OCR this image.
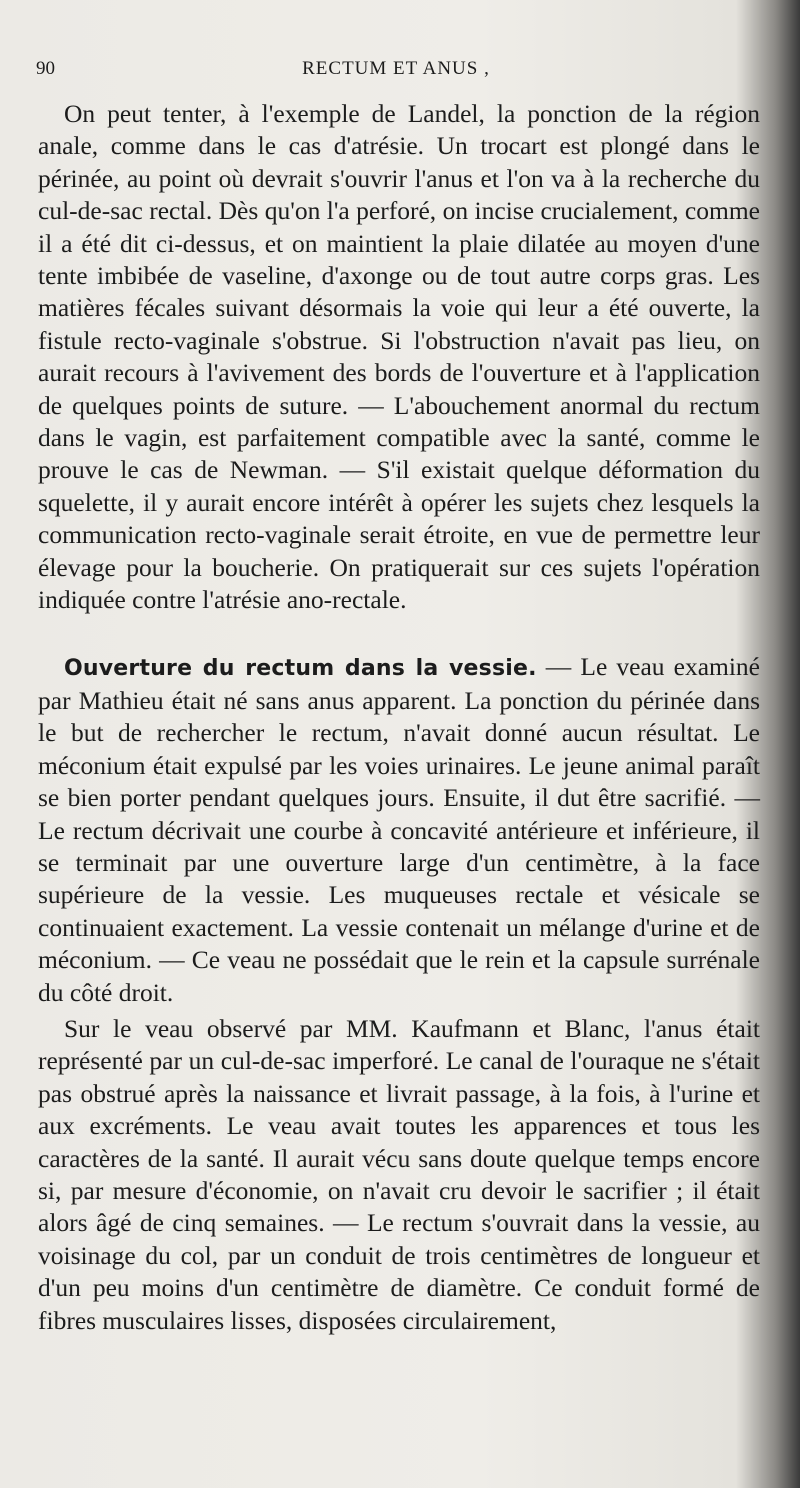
90	RECTUM ET ANUS ,

On peut tenter, à l'exemple de Landel, la ponction de la région anale, comme dans le cas d'atrésie. Un trocart est plongé dans le périnée, au point où devrait s'ouvrir l'anus et l'on va à la recherche du cul-de-sac rectal. Dès qu'on l'a perforé, on incise crucialement, comme il a été dit ci-dessus, et on maintient la plaie dilatée au moyen d'une tente imbibée de vaseline, d'axonge ou de tout autre corps gras. Les matières fécales suivant désormais la voie qui leur a été ouverte, la fistule recto-vaginale s'obstrue. Si l'obstruction n'avait pas lieu, on aurait recours à l'avivement des bords de l'ouverture et à l'application de quelques points de suture. — L'abouchement anormal du rectum dans le vagin, est parfaitement compatible avec la santé, comme le prouve le cas de Newman. — S'il existait quelque déformation du squelette, il y aurait encore intérêt à opérer les sujets chez lesquels la communication recto-vaginale serait étroite, en vue de permettre leur élevage pour la boucherie. On pratiquerait sur ces sujets l'opération indiquée contre l'atrésie ano-rectale.

Ouverture du rectum dans la vessie. — Le veau examiné par Mathieu était né sans anus apparent. La ponction du périnée dans le but de rechercher le rectum, n'avait donné aucun résultat. Le méconium était expulsé par les voies urinaires. Le jeune animal paraît se bien porter pendant quelques jours. Ensuite, il dut être sacrifié. — Le rectum décrivait une courbe à concavité antérieure et inférieure, il se terminait par une ouverture large d'un centimètre, à la face supérieure de la vessie. Les muqueuses rectale et vésicale se continuaient exactement. La vessie contenait un mélange d'urine et de méconium. — Ce veau ne possédait que le rein et la capsule surrénale du côté droit.

Sur le veau observé par MM. Kaufmann et Blanc, l'anus était représenté par un cul-de-sac imperforé. Le canal de l'ouraque ne s'était pas obstrué après la naissance et livrait passage, à la fois, à l'urine et aux excréments. Le veau avait toutes les apparences et tous les caractères de la santé. Il aurait vécu sans doute quelque temps encore si, par mesure d'économie, on n'avait cru devoir le sacrifier ; il était alors âgé de cinq semaines. — Le rectum s'ouvrait dans la vessie, au voisinage du col, par un conduit de trois centimètres de longueur et d'un peu moins d'un centimètre de diamètre. Ce conduit formé de fibres musculaires lisses, disposées circulairement,
